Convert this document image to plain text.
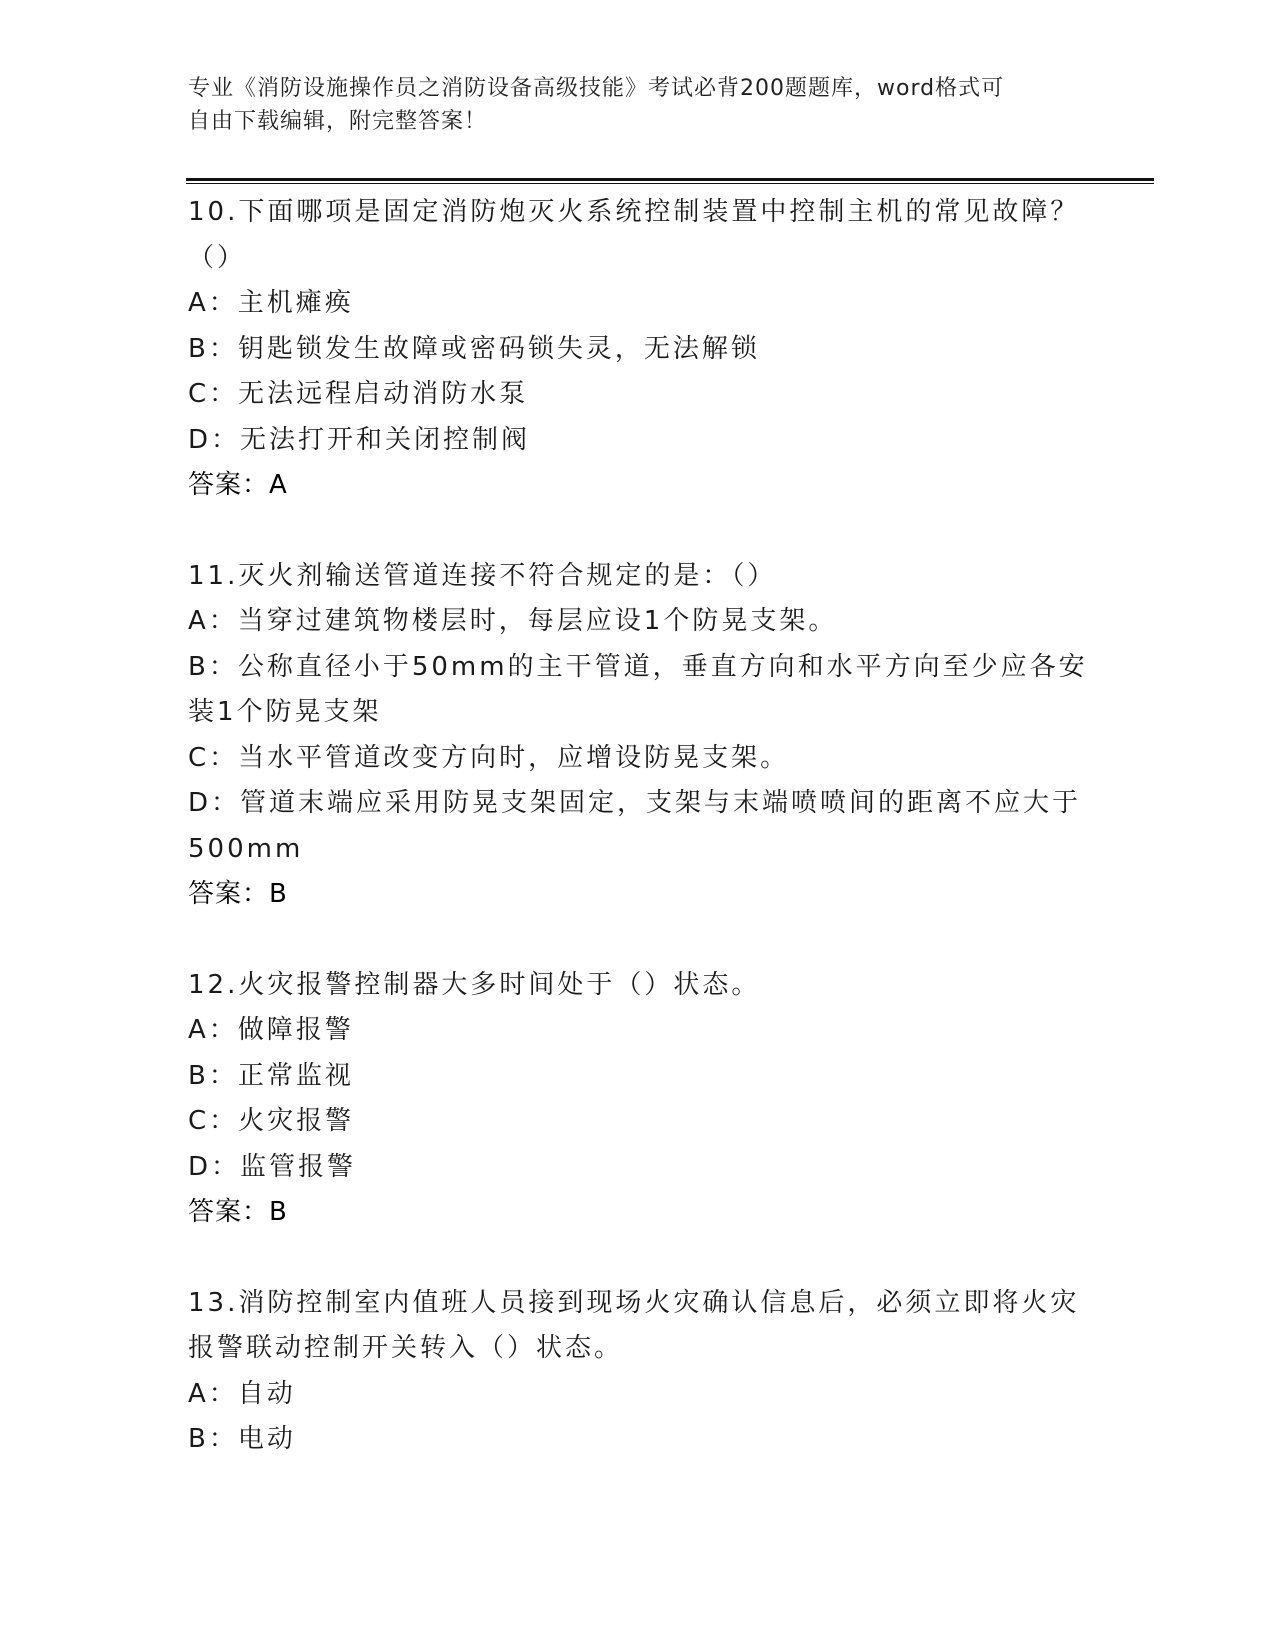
专业《消防设施操作员之消防设备高级技能》考试必背200题题库，word格式可
自由下载编辑，附完整答案！
10.下面哪项是固定消防炮灭火系统控制装置中控制主机的常见故障？
（）
A：主机瘫痪
B：钥匙锁发生故障或密码锁失灵，无法解锁
C：无法远程启动消防水泵
D：无法打开和关闭控制阀
答案：A
11.灭火剂输送管道连接不符合规定的是：（）
A：当穿过建筑物楼层时，每层应设1个防晃支架。
B：公称直径小于50mm的主干管道，垂直方向和水平方向至少应各安
装1个防晃支架
C：当水平管道改变方向时，应增设防晃支架。
D：管道末端应采用防晃支架固定，支架与末端喷喷间的距离不应大于
500mm
答案：B
12.火灾报警控制器大多时间处于（）状态。
A：做障报警
B：正常监视
C：火灾报警
D：监管报警
答案：B
13.消防控制室内值班人员接到现场火灾确认信息后，必须立即将火灾
报警联动控制开关转入（）状态。
A：自动
B：电动
